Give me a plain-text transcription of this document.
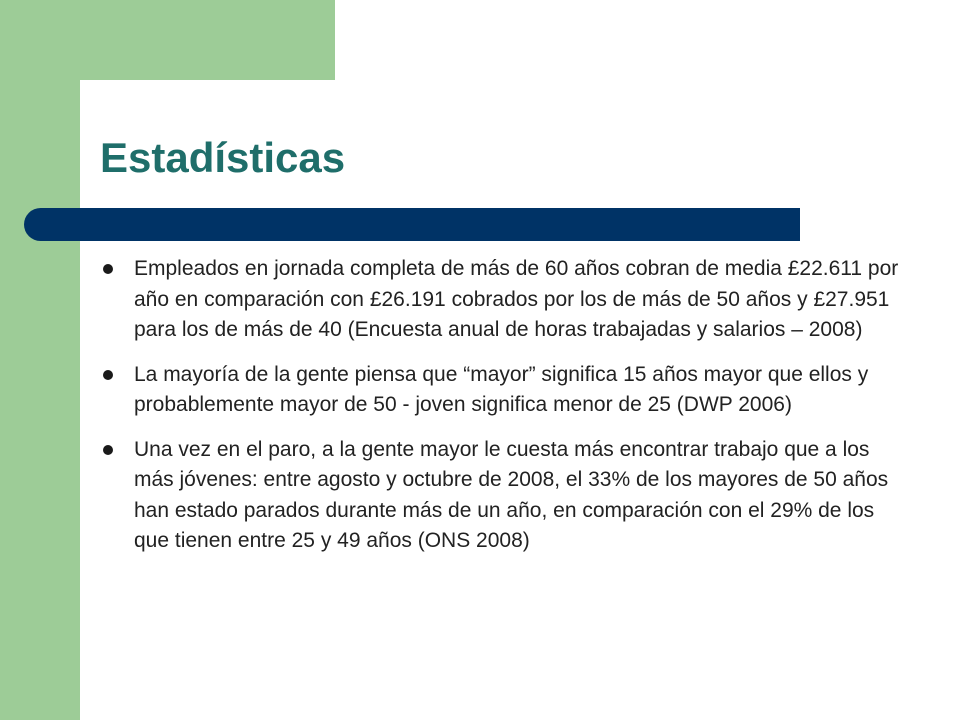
Estadísticas
Empleados en jornada completa de más de 60 años cobran de media £22.611 por año en comparación con £26.191 cobrados por los de más de 50 años y £27.951 para los de más de 40 (Encuesta anual de horas trabajadas y salarios – 2008)
La mayoría de la gente piensa que “mayor” significa 15 años mayor que ellos y probablemente mayor de 50 - joven significa menor de 25 (DWP 2006)
Una vez en el paro, a la gente mayor le cuesta más encontrar trabajo que a los más jóvenes: entre agosto y octubre de 2008, el 33% de los mayores de 50 años han estado parados durante más de un año, en comparación con el 29% de los que tienen entre 25 y 49 años (ONS 2008)
